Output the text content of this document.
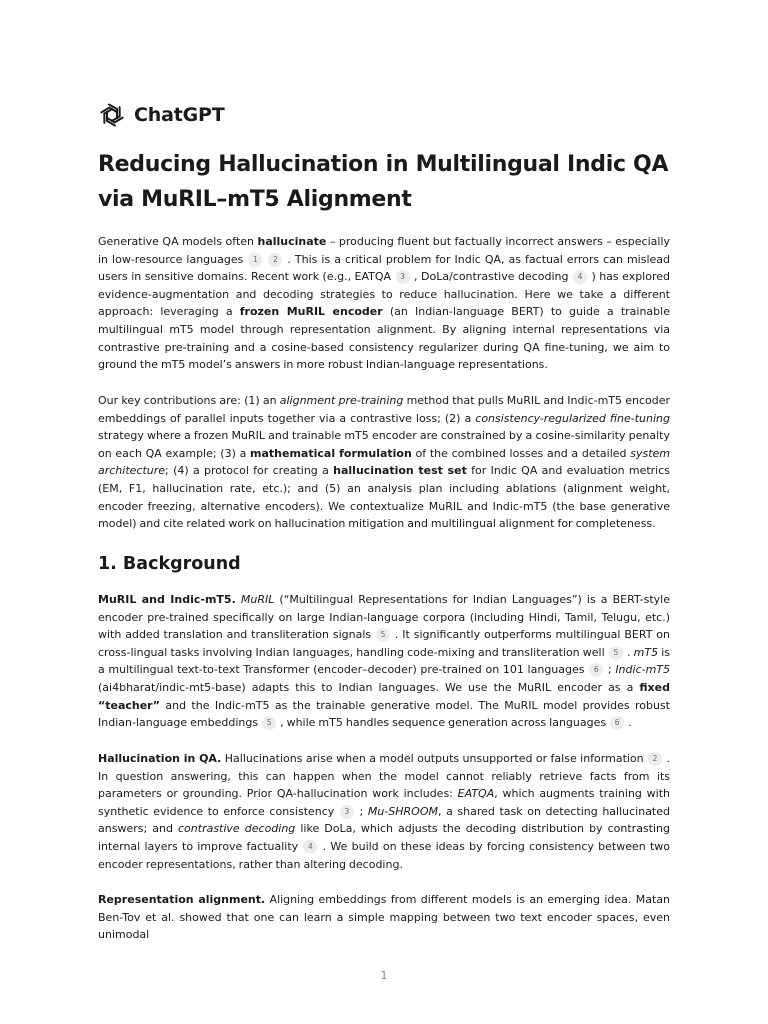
ChatGPT
Reducing Hallucination in Multilingual Indic QA via MuRIL–mT5 Alignment

Generative QA models often hallucinate – producing fluent but factually incorrect answers – especially in low-resource languages 1 2 . This is a critical problem for Indic QA, as factual errors can mislead users in sensitive domains. Recent work (e.g., EATQA 3 , DoLa/contrastive decoding 4 ) has explored evidence-augmentation and decoding strategies to reduce hallucination. Here we take a different approach: leveraging a frozen MuRIL encoder (an Indian-language BERT) to guide a trainable multilingual mT5 model through representation alignment. By aligning internal representations via contrastive pre-training and a cosine-based consistency regularizer during QA fine-tuning, we aim to ground the mT5 model’s answers in more robust Indian-language representations.

Our key contributions are: (1) an alignment pre-training method that pulls MuRIL and Indic-mT5 encoder embeddings of parallel inputs together via a contrastive loss; (2) a consistency-regularized fine-tuning strategy where a frozen MuRIL and trainable mT5 encoder are constrained by a cosine-similarity penalty on each QA example; (3) a mathematical formulation of the combined losses and a detailed system architecture; (4) a protocol for creating a hallucination test set for Indic QA and evaluation metrics (EM, F1, hallucination rate, etc.); and (5) an analysis plan including ablations (alignment weight, encoder freezing, alternative encoders). We contextualize MuRIL and Indic-mT5 (the base generative model) and cite related work on hallucination mitigation and multilingual alignment for completeness.

1. Background

MuRIL and Indic-mT5. MuRIL (“Multilingual Representations for Indian Languages”) is a BERT-style encoder pre-trained specifically on large Indian-language corpora (including Hindi, Tamil, Telugu, etc.) with added translation and transliteration signals 5 . It significantly outperforms multilingual BERT on cross-lingual tasks involving Indian languages, handling code-mixing and transliteration well 5 . mT5 is a multilingual text-to-text Transformer (encoder–decoder) pre-trained on 101 languages 6 ; Indic-mT5 (ai4bharat/indic-mt5-base) adapts this to Indian languages. We use the MuRIL encoder as a fixed “teacher” and the Indic-mT5 as the trainable generative model. The MuRIL model provides robust Indian-language embeddings 5 , while mT5 handles sequence generation across languages 6 .

Hallucination in QA. Hallucinations arise when a model outputs unsupported or false information 2 . In question answering, this can happen when the model cannot reliably retrieve facts from its parameters or grounding. Prior QA-hallucination work includes: EATQA, which augments training with synthetic evidence to enforce consistency 3 ; Mu-SHROOM, a shared task on detecting hallucinated answers; and contrastive decoding like DoLa, which adjusts the decoding distribution by contrasting internal layers to improve factuality 4 . We build on these ideas by forcing consistency between two encoder representations, rather than altering decoding.

Representation alignment. Aligning embeddings from different models is an emerging idea. Matan Ben-Tov et al. showed that one can learn a simple mapping between two text encoder spaces, even unimodal

1
